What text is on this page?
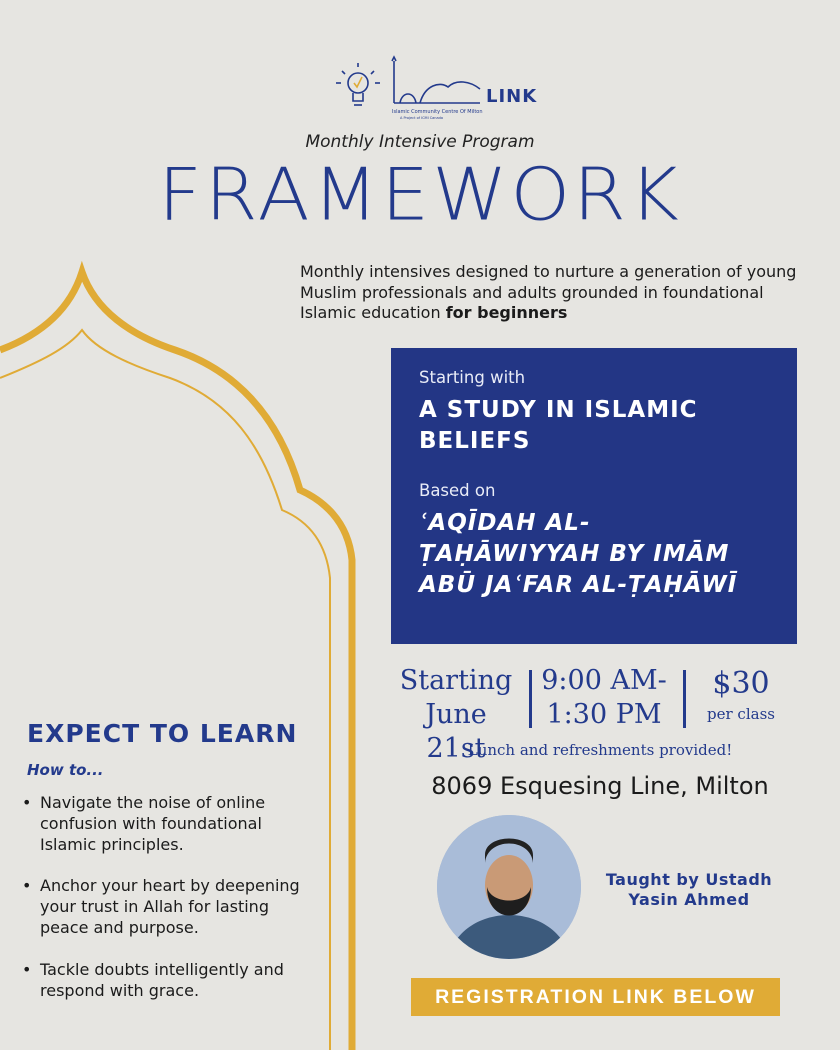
Islamic Community Centre Of Milton
A Project of ICMI Canada
LINK
Monthly Intensive Program
FRAMEWORK
Monthly intensives designed to nurture a generation of young Muslim professionals and adults grounded in foundational Islamic education for beginners
Starting with
A STUDY IN ISLAMIC BELIEFS
Based on
ʿAQĪDAH AL-ṬAḤĀWIYYAH BY IMĀM ABŪ JAʿFAR AL-ṬAḤĀWĪ
Starting
June 21st
9:00 AM-
1:30 PM
$30
per class
Lunch and refreshments provided!
8069 Esquesing Line, Milton
Taught by Ustadh
Yasin Ahmed
REGISTRATION LINK BELOW
EXPECT TO LEARN
How to...
• Navigate the noise of online confusion with foundational Islamic principles.
• Anchor your heart by deepening your trust in Allah for lasting peace and purpose.
• Tackle doubts intelligently and respond with grace.
